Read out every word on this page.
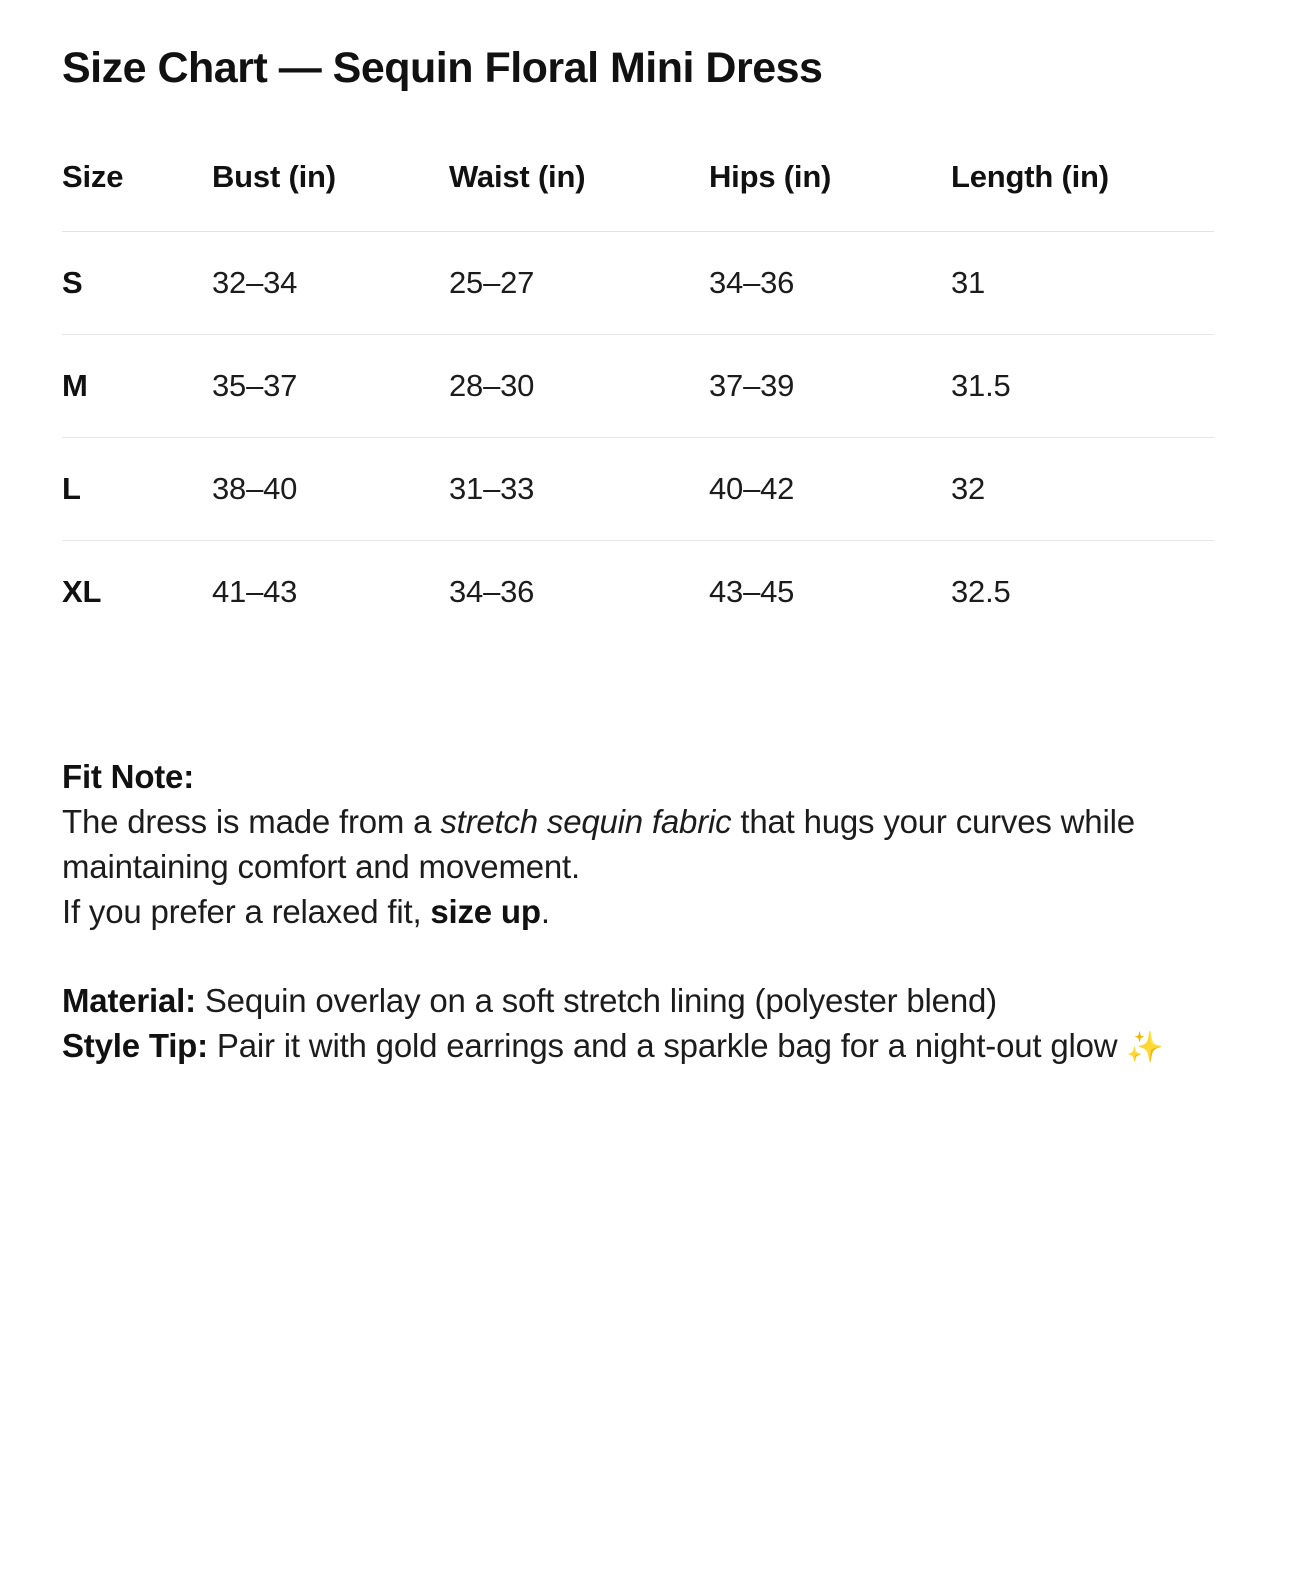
Size Chart — Sequin Floral Mini Dress
Size	Bust (in)	Waist (in)	Hips (in)	Length (in)
S	32–34	25–27	34–36	31
M	35–37	28–30	37–39	31.5
L	38–40	31–33	40–42	32
XL	41–43	34–36	43–45	32.5

Fit Note:

The dress is made from a stretch sequin fabric that hugs your curves while maintaining comfort and movement.

If you prefer a relaxed fit, size up.

Material: Sequin overlay on a soft stretch lining (polyester blend)

Style Tip: Pair it with gold earrings and a sparkle bag for a night-out glow ✨
